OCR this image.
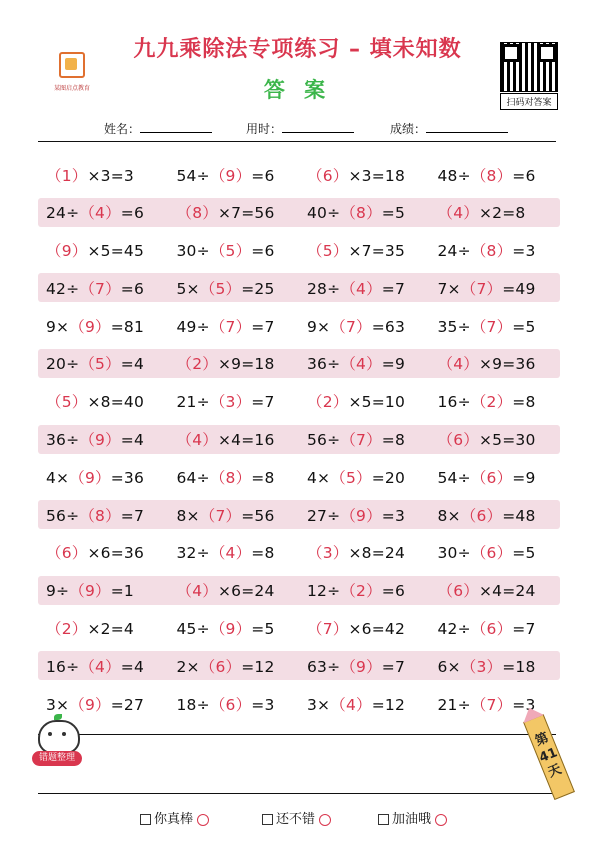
某图启点教育
九九乘除法专项练习 – 填未知数
答 案
扫码对答案
姓名：	用时：	成绩：
（1）×3=3	54÷（9）=6	（6）×3=18	48÷（8）=6
24÷（4）=6	（8）×7=56	40÷（8）=5	（4）×2=8
（9）×5=45	30÷（5）=6	（5）×7=35	24÷（8）=3
42÷（7）=6	5×（5）=25	28÷（4）=7	7×（7）=49
9×（9）=81	49÷（7）=7	9×（7）=63	35÷（7）=5
20÷（5）=4	（2）×9=18	36÷（4）=9	（4）×9=36
（5）×8=40	21÷（3）=7	（2）×5=10	16÷（2）=8
36÷（9）=4	（4）×4=16	56÷（7）=8	（6）×5=30
4×（9）=36	64÷（8）=8	4×（5）=20	54÷（6）=9
56÷（8）=7	8×（7）=56	27÷（9）=3	8×（6）=48
（6）×6=36	32÷（4）=8	（3）×8=24	30÷（6）=5
9÷（9）=1	（4）×6=24	12÷（2）=6	（6）×4=24
（2）×2=4	45÷（9）=5	（7）×6=42	42÷（6）=7
16÷（4）=4	2×（6）=12	63÷（9）=7	6×（3）=18
3×（9）=27	18÷（6）=3	3×（4）=12	21÷（7）=3
错题整理
第41天
你真棒	还不错	加油哦
